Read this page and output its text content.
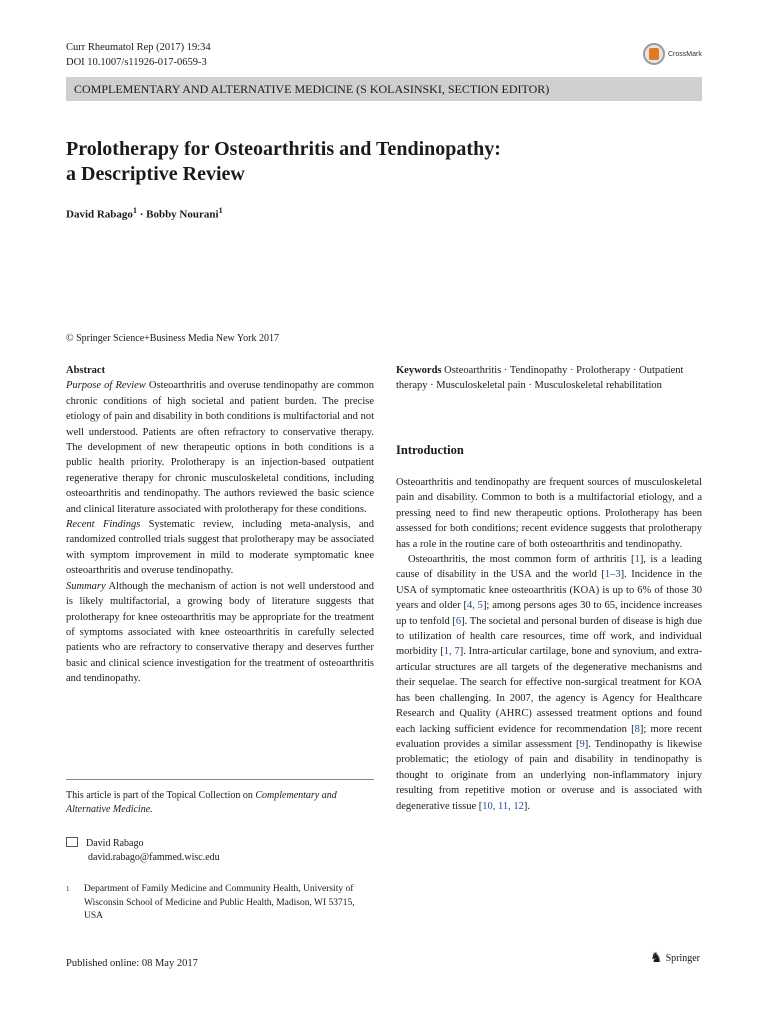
Curr Rheumatol Rep (2017) 19:34
DOI 10.1007/s11926-017-0659-3
CrossMark
COMPLEMENTARY AND ALTERNATIVE MEDICINE (S KOLASINSKI, SECTION EDITOR)
Prolotherapy for Osteoarthritis and Tendinopathy:
a Descriptive Review
David Rabago$^1$ · Bobby Nourani$^1$
© Springer Science+Business Media New York 2017
Abstract
Purpose of Review Osteoarthritis and overuse tendinopathy are common chronic conditions of high societal and patient burden. The precise etiology of pain and disability in both conditions is multifactorial and not well understood. Patients are often refractory to conservative therapy. The development of new therapeutic options in both conditions is a public health priority. Prolotherapy is an injection-based outpatient regenerative therapy for chronic musculoskeletal conditions, including osteoarthritis and tendinopathy. The authors reviewed the basic science and clinical literature associated with prolotherapy for these conditions.
Recent Findings Systematic review, including meta-analysis, and randomized controlled trials suggest that prolotherapy may be associated with symptom improvement in mild to moderate symptomatic knee osteoarthritis and overuse tendinopathy.
Summary Although the mechanism of action is not well understood and is likely multifactorial, a growing body of literature suggests that prolotherapy for knee osteoarthritis may be appropriate for the treatment of symptoms associated with knee osteoarthritis in carefully selected patients who are refractory to conservative therapy and deserves further basic and clinical science investigation for the treatment of osteoarthritis and tendinopathy.
Keywords Osteoarthritis · Tendinopathy · Prolotherapy · Outpatient therapy · Musculoskeletal pain · Musculoskeletal rehabilitation
Introduction

Osteoarthritis and tendinopathy are frequent sources of musculoskeletal pain and disability. Common to both is a multifactorial etiology, and a pressing need to find new therapeutic options. Prolotherapy has been assessed for both conditions; recent evidence suggests that prolotherapy has a role in the routine care of both osteoarthritis and tendinopathy.

Osteoarthritis, the most common form of arthritis [1], is a leading cause of disability in the USA and the world [1–3]. Incidence in the USA of symptomatic knee osteoarthritis (KOA) is up to 6% of those 30 years and older [4, 5]; among persons ages 30 to 65, incidence increases up to tenfold [6]. The societal and personal burden of disease is high due to utilization of health care resources, time off work, and individual morbidity [1, 7]. Intra-articular cartilage, bone and synovium, and extra-articular structures are all targets of the degenerative mechanisms and their sequelae. The search for effective non-surgical treatment for KOA has been challenging. In 2007, the agency is Agency for Healthcare Research and Quality (AHRC) assessed treatment options and found each lacking sufficient evidence for recommendation [8]; more recent evaluation provides a similar assessment [9]. Tendinopathy is likewise problematic; the etiology of pain and disability in tendinopathy is thought to originate from an underlying non-inflammatory injury resulting from repetitive motion or overuse and is associated with degenerative tissue [10, 11, 12].

This article is part of the Topical Collection on Complementary and Alternative Medicine.
David Rabago
david.rabago@fammed.wisc.edu
1	Department of Family Medicine and Community Health, University of Wisconsin School of Medicine and Public Health, Madison, WI 53715, USA
Published online: 08 May 2017	♞ Springer
